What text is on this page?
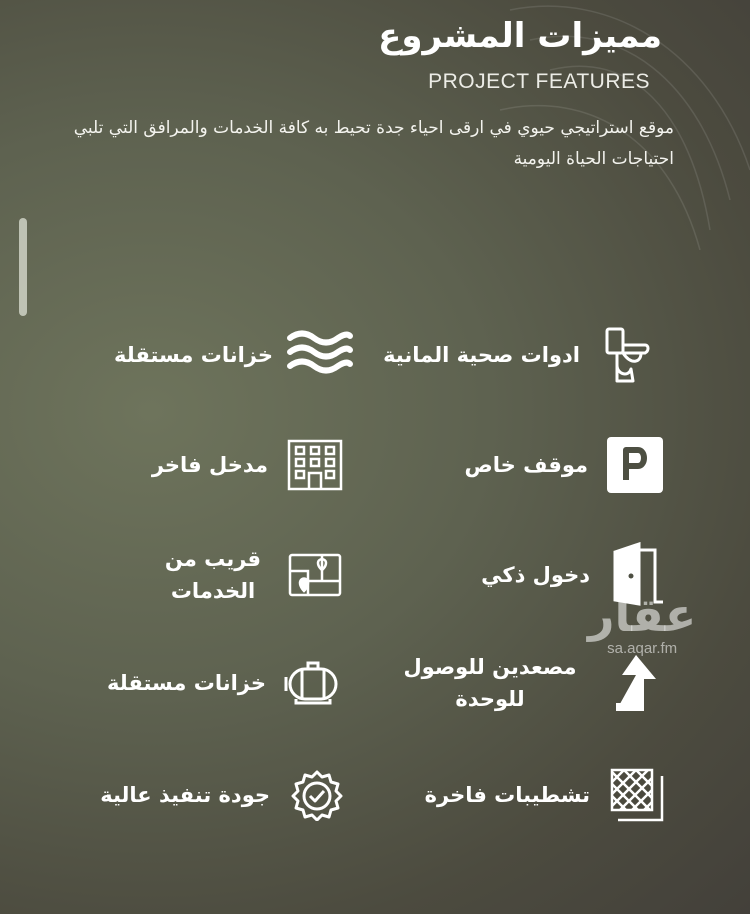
مميزات المشروع
PROJECT FEATURES
موقع استراتيجي حيوي في ارقى احياء جدة تحيط به كافة الخدمات والمرافق التي تلبي احتياجات الحياة اليومية
ادوات صحية المانية
خزانات مستقلة
موقف خاص
مدخل فاخر
دخول ذكي
قريب من الخدمات
مصعدين للوصول للوحدة
خزانات مستقلة
تشطيبات فاخرة
جودة تنفيذ عالية
عقار
sa.aqar.fm
